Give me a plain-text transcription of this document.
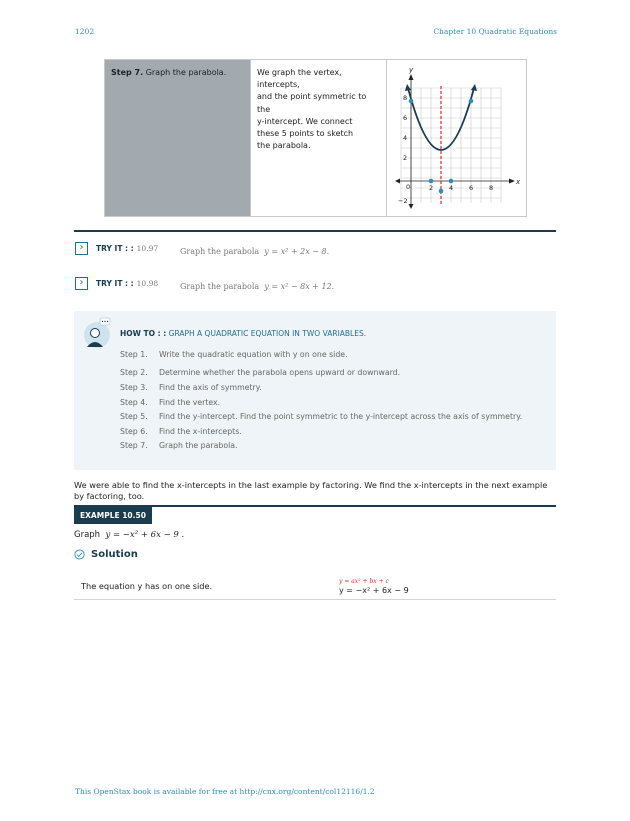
1202	Chapter 10 Quadratic Equations
Step 7. Graph the parabola.	We graph the vertex, intercepts,
and the point symmetric to the
y-intercept. We connect
these 5 points to sketch
the parabola.
y
x
8
6
4
2
−2
0	2 4 6 8
›	TRY IT : : 10.97	Graph the parabola y = x² + 2x − 8.
›	TRY IT : : 10.98	Graph the parabola y = x² − 8x + 12.
HOW TO : : GRAPH A QUADRATIC EQUATION IN TWO VARIABLES.
Step 1.	Write the quadratic equation with y on one side.
Step 2.	Determine whether the parabola opens upward or downward.
Step 3.	Find the axis of symmetry.
Step 4.	Find the vertex.
Step 5.	Find the y-intercept. Find the point symmetric to the y-intercept across the axis of symmetry.
Step 6.	Find the x-intercepts.
Step 7.	Graph the parabola.
We were able to find the x-intercepts in the last example by factoring. We find the x-intercepts in the next example by factoring, too.
EXAMPLE 10.50
Graph y = −x² + 6x − 9 .
Solution
The equation y has on one side.	y = ax² + bx + c
y = −x² + 6x − 9
This OpenStax book is available for free at http://cnx.org/content/col12116/1.2
